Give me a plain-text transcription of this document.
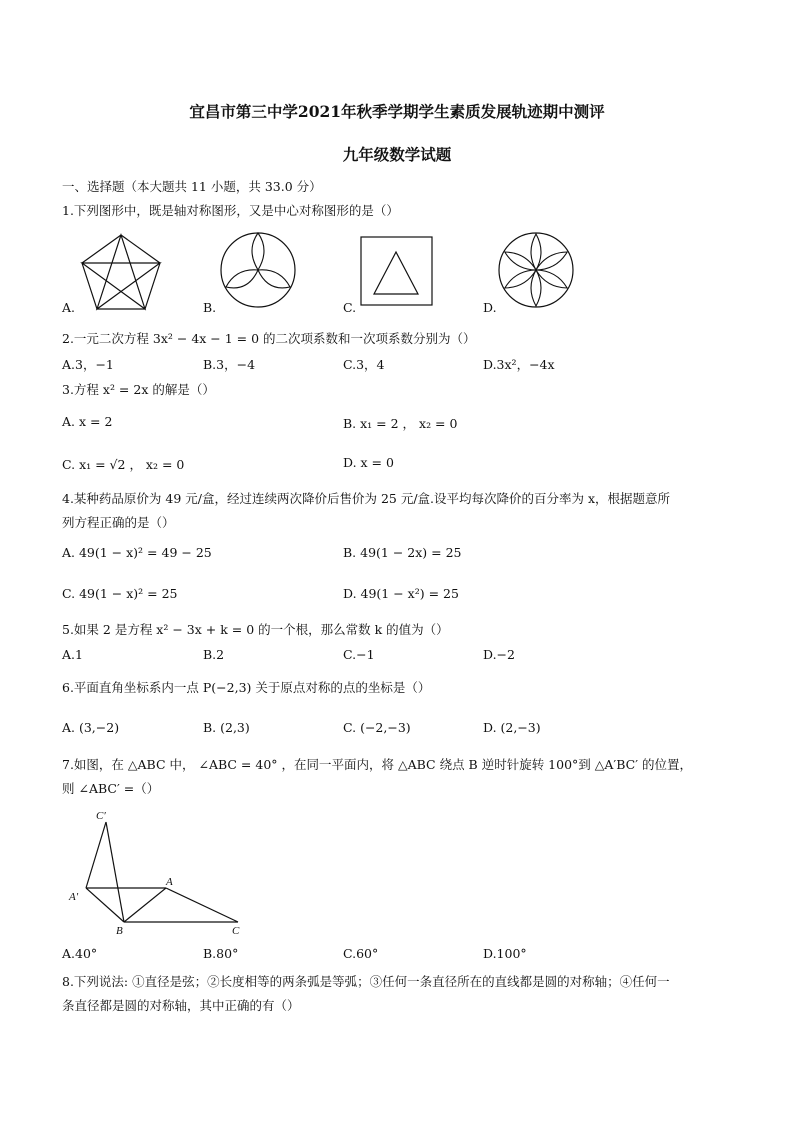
宜昌市第三中学2021年秋季学期学生素质发展轨迹期中测评
九年级数学试题
一、选择题（本大题共 11 小题，共 33.0 分）
1.下列图形中，既是轴对称图形，又是中心对称图形的是（）
A.	B.	C.	D.
2.一元二次方程 3x² − 4x − 1 = 0 的二次项系数和一次项系数分别为（）
A.3，−1	B.3，−4	C.3，4	D.3x²，−4x
3.方程 x² = 2x 的解是（）
A. x = 2	B. x₁ = 2 ， x₂ = 0
C. x₁ = √2 ， x₂ = 0	D. x = 0
4.某种药品原价为 49 元/盒，经过连续两次降价后售价为 25 元/盒.设平均每次降价的百分率为 x，根据题意所
列方程正确的是（）
A. 49(1 − x)² = 49 − 25	B. 49(1 − 2x) = 25
C. 49(1 − x)² = 25	D. 49(1 − x²) = 25
5.如果 2 是方程 x² − 3x + k = 0 的一个根，那么常数 k 的值为（）
A.1	B.2	C.−1	D.−2
6.平面直角坐标系内一点 P(−2,3) 关于原点对称的点的坐标是（）
A. (3,−2)	B. (2,3)	C. (−2,−3)	D. (2,−3)
7.如图，在 △ABC 中， ∠ABC = 40° ，在同一平面内，将 △ABC 绕点 B 逆时针旋转 100°到 △A′BC′ 的位置，
则 ∠ABC′ =（）
C′
A′
A
B	C
A.40°	B.80°	C.60°	D.100°
8.下列说法: ①直径是弦；②长度相等的两条弧是等弧；③任何一条直径所在的直线都是圆的对称轴；④任何一
条直径都是圆的对称轴，其中正确的有（）
